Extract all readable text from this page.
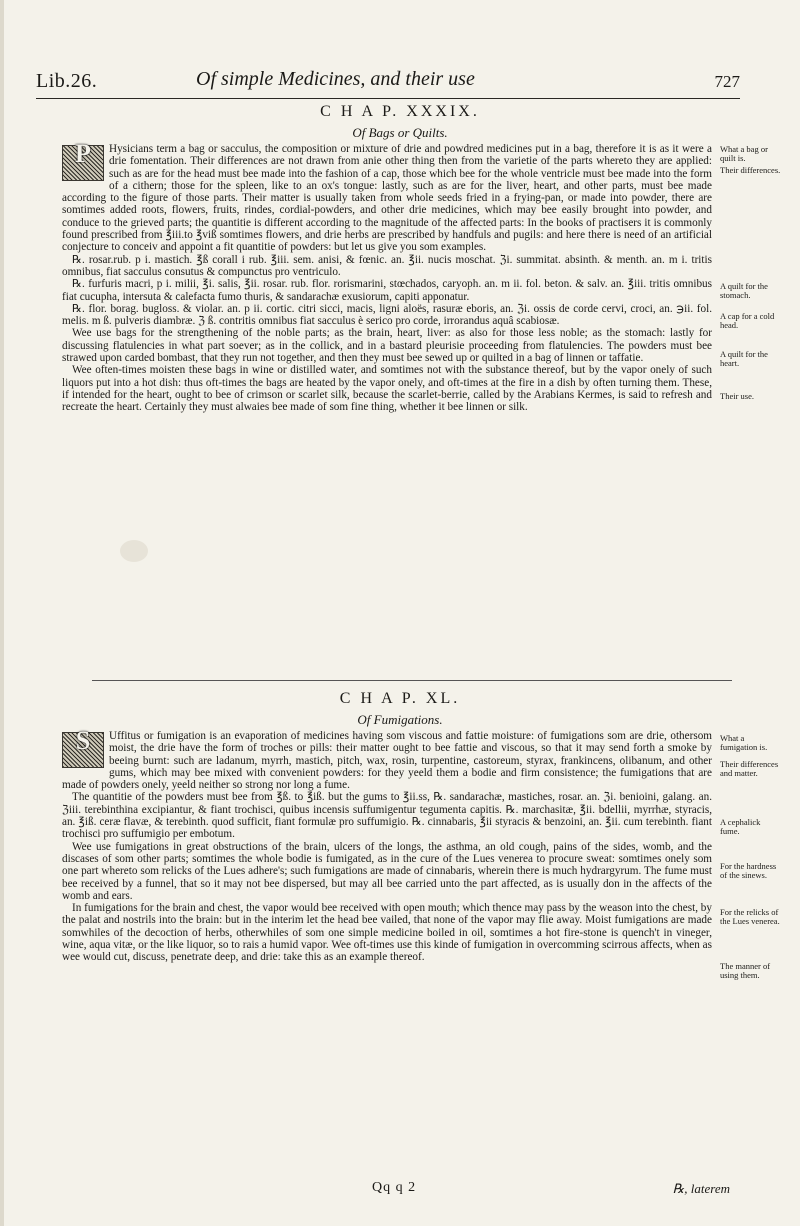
Lib.26.	Of simple Medicines, and their use	727
C H A P. XXXIX.
Of Bags or Quilts.

P	Hysicians term a bag or sacculus, the composition or mixture of drie and powdred medicines put in a bag, therefore it is as it were a drie fomentation. Their differences are not drawn from anie other thing then from the varietie of the parts whereto they are applied: such as are for the head must bee made into the fashion of a cap, those which bee for the whole ventricle must bee made into the form of a cithern; those for the spleen, like to an ox's tongue: lastly, such as are for the liver, heart, and other parts, must bee made according to the figure of those parts. Their matter is usually taken from whole seeds fried in a frying-pan, or made into powder, there are somtimes added roots, flowers, fruits, rindes, cordial-powders, and other drie medicines, which may bee easily brought into powder, and conduce to the grieved parts; the quantitie is different according to the magnitude of the affected parts: In the books of practisers it is commonly found prescribed from ℥iii.to ℥viß somtimes flowers, and drie herbs are prescribed by handfuls and pugils: and here there is need of an artificial conjecture to conceiv and appoint a fit quantitie of powders: but let us give you som examples.

℞. rosar.rub. p i. mastich. ℥ß corall i rub. ℥iii. sem. anisi, & fœnic. an. ℥ii. nucis moschat. ℨi. summitat. absinth. & menth. an. m i. tritis omnibus, fiat sacculus consutus & compunctus pro ventriculo.

℞. furfuris macri, p i. milii, ℥i. salis, ℥ii. rosar. rub. flor. rorismarini, stœchados, caryoph. an. m ii. fol. beton. & salv. an. ℥iii. tritis omnibus fiat cucupha, intersuta & calefacta fumo thuris, & sandarachæ exusiorum, capiti apponatur.

℞. flor. borag. bugloss. & violar. an. p ii. cortic. citri sicci, macis, ligni aloës, rasuræ eboris, an. ℨi. ossis de corde cervi, croci, an. ℈ii. fol. melis. m ß. pulveris diambræ. ℨ ß. contritis omnibus fiat sacculus è serico pro corde, irrorandus aquâ scabiosæ.

Wee use bags for the strengthening of the noble parts; as the brain, heart, liver: as also for those less noble; as the stomach: lastly for discussing flatulencies in what part soever; as in the collick, and in a bastard pleurisie proceeding from flatulencies. The powders must bee strawed upon carded bombast, that they run not together, and then they must bee sewed up or quilted in a bag of linnen or taffatie.

Wee often-times moisten these bags in wine or distilled water, and somtimes not with the substance thereof, but by the vapor onely of such liquors put into a hot dish: thus oft-times the bags are heated by the vapor onely, and oft-times at the fire in a dish by often turning them. These, if intended for the heart, ought to bee of crimson or scarlet silk, because the scarlet-berrie, called by the Arabians Kermes, is said to refresh and recreate the heart. Certainly they must alwaies bee made of som fine thing, whether it bee linnen or silk.

C H A P. XL.
Of Fumigations.

S	Uffitus or fumigation is an evaporation of medicines having som viscous and fattie moisture: of fumigations som are drie, othersom moist, the drie have the form of troches or pills: their matter ought to bee fattie and viscous, so that it may send forth a smoke by beeing burnt: such are ladanum, myrrh, mastich, pitch, wax, rosin, turpentine, castoreum, styrax, frankincens, olibanum, and other gums, which may bee mixed with convenient powders: for they yeeld them a bodie and firm consistence; the fumigations that are made of powders onely, yeeld neither so strong nor long a fume.

The quantitie of the powders must bee from ℥ß. to ℥iß. but the gums to ℥ii.ss, ℞. sandarachæ, mastiches, rosar. an. ℨi. benioini, galang. an. ℨiii. terebinthina excipiantur, & fiant trochisci, quibus incensis suffumigentur tegumenta capitis. ℞. marchasitæ, ℥ii. bdellii, myrrhæ, styracis, an. ℥iß. ceræ flavæ, & terebinth. quod sufficit, fiant formulæ pro suffumigio. ℞. cinnabaris, ℥ii styracis & benzoini, an. ℥ii. cum terebinth. fiant trochisci pro suffumigio per embotum.

Wee use fumigations in great obstructions of the brain, ulcers of the longs, the asthma, an old cough, pains of the sides, womb, and the discases of som other parts; somtimes the whole bodie is fumigated, as in the cure of the Lues venerea to procure sweat: somtimes onely som one part whereto som relicks of the Lues adhere's; such fumigations are made of cinnabaris, wherein there is much hydrargyrum. The fume must bee received by a funnel, that so it may not bee dispersed, but may all bee carried unto the part affected, as is usually don in the affects of the womb and ears.

In fumigations for the brain and chest, the vapor would bee received with open mouth; which thence may pass by the weason into the chest, by the palat and nostrils into the brain: but in the interim let the head bee vailed, that none of the vapor may flie away. Moist fumigations are made somwhiles of the decoction of herbs, otherwhiles of som one simple medicine boiled in oil, somtimes a hot fire-stone is quench't in vineger, wine, aqua vitæ, or the like liquor, so to rais a humid vapor. Wee oft-times use this kinde of fumigation in overcomming scirrous affects, when as wee would cut, discuss, penetrate deep, and drie: take this as an example thereof.

What a bag or quilt is.
Their differences.
A quilt for the stomach.
A cap for a cold head.
A quilt for the heart.
Their use.
What a fumigation is.
Their differences and matter.
A cephalick fume.
For the hardness of the sinews.
For the relicks of the Lues venerea.
The manner of using them.
Qq q 2	℞, laterem
